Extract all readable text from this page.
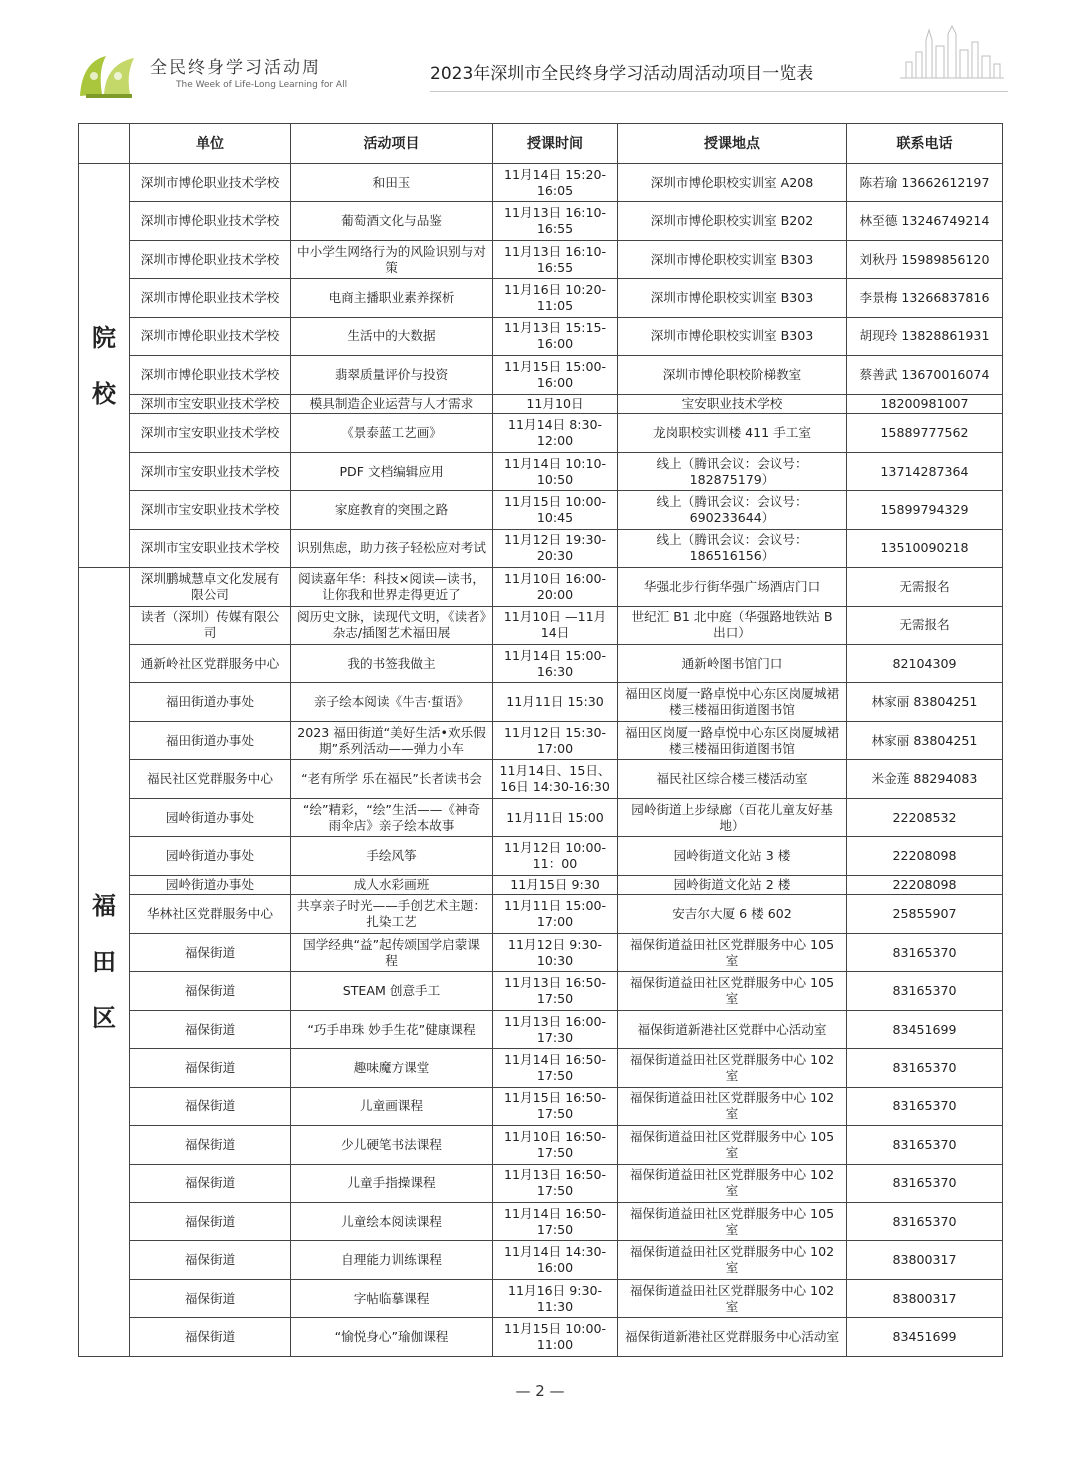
全民终身学习活动周
The Week of Life-Long Learning for All
2023年深圳市全民终身学习活动周活动项目一览表
	单位	活动项目	授课时间	授课地点	联系电话
院校	深圳市博伦职业技术学校	和田玉	11月14日 15:20-16:05	深圳市博伦职校实训室 A208	陈若瑜 13662612197
	深圳市博伦职业技术学校	葡萄酒文化与品鉴	11月13日 16:10-16:55	深圳市博伦职校实训室 B202	林至德 13246749214
	深圳市博伦职业技术学校	中小学生网络行为的风险识别与对策	11月13日 16:10-16:55	深圳市博伦职校实训室 B303	刘秋丹 15989856120
	深圳市博伦职业技术学校	电商主播职业素养探析	11月16日 10:20-11:05	深圳市博伦职校实训室 B303	李景梅 13266837816
	深圳市博伦职业技术学校	生活中的大数据	11月13日 15:15-16:00	深圳市博伦职校实训室 B303	胡现玲 13828861931
	深圳市博伦职业技术学校	翡翠质量评价与投资	11月15日 15:00-16:00	深圳市博伦职校阶梯教室	蔡善武 13670016074
	深圳市宝安职业技术学校	模具制造企业运营与人才需求	11月10日	宝安职业技术学校	18200981007
	深圳市宝安职业技术学校	《景泰蓝工艺画》	11月14日 8:30- 12:00	龙岗职校实训楼 411 手工室	15889777562
	深圳市宝安职业技术学校	PDF 文档编辑应用	11月14日 10:10-10:50	线上（腾讯会议：会议号：182875179）	13714287364
	深圳市宝安职业技术学校	家庭教育的突围之路	11月15日 10:00-10:45	线上（腾讯会议：会议号：690233644）	15899794329
	深圳市宝安职业技术学校	识别焦虑，助力孩子轻松应对考试	11月12日 19:30-20:30	线上（腾讯会议：会议号：186516156）	13510090218
福田区	深圳鹏城慧卓文化发展有限公司	阅读嘉年华：科技×阅读—读书，让你我和世界走得更近了	11月10日 16:00-20:00	华强北步行街华强广场酒店门口	无需报名
	读者（深圳）传媒有限公司	阅历史文脉，读现代文明，《读者》杂志/插图艺术福田展	11月10日 —11月14日	世纪汇 B1 北中庭（华强路地铁站 B 出口）	无需报名
	通新岭社区党群服务中心	我的书签我做主	11月14日 15:00-16:30	通新岭图书馆门口	82104309
	福田街道办事处	亲子绘本阅读《牛吉·蜇语》	11月11日 15:30	福田区岗厦一路卓悦中心东区岗厦城裙楼三楼福田街道图书馆	林家丽 83804251
	福田街道办事处	2023 福田街道“美好生活•欢乐假期”系列活动——弹力小车	11月12日 15:30-17:00	福田区岗厦一路卓悦中心东区岗厦城裙楼三楼福田街道图书馆	林家丽 83804251
	福民社区党群服务中心	“老有所学 乐在福民”长者读书会	11月14日、15日、16日 14:30-16:30	福民社区综合楼三楼活动室	米金莲 88294083
	园岭街道办事处	“绘”精彩，“绘”生活——《神奇雨伞店》亲子绘本故事	11月11日 15:00	园岭街道上步绿廊（百花儿童友好基地）	22208532
	园岭街道办事处	手绘风筝	11月12日 10:00-11：00	园岭街道文化站 3 楼	22208098
	园岭街道办事处	成人水彩画班	11月15日 9:30	园岭街道文化站 2 楼	22208098
	华林社区党群服务中心	共享亲子时光——手创艺术主题：扎染工艺	11月11日 15:00-17:00	安吉尔大厦 6 楼 602	25855907
	福保街道	国学经典“益”起传颂国学启蒙课程	11月12日 9:30-10:30	福保街道益田社区党群服务中心 105 室	83165370
	福保街道	STEAM 创意手工	11月13日 16:50-17:50	福保街道益田社区党群服务中心 105 室	83165370
	福保街道	“巧手串珠 妙手生花”健康课程	11月13日 16:00-17:30	福保街道新港社区党群中心活动室	83451699
	福保街道	趣味魔方课堂	11月14日 16:50-17:50	福保街道益田社区党群服务中心 102 室	83165370
	福保街道	儿童画课程	11月15日 16:50-17:50	福保街道益田社区党群服务中心 102 室	83165370
	福保街道	少儿硬笔书法课程	11月10日 16:50-17:50	福保街道益田社区党群服务中心 105 室	83165370
	福保街道	儿童手指操课程	11月13日 16:50-17:50	福保街道益田社区党群服务中心 102 室	83165370
	福保街道	儿童绘本阅读课程	11月14日 16:50-17:50	福保街道益田社区党群服务中心 105 室	83165370
	福保街道	自理能力训练课程	11月14日 14:30-16:00	福保街道益田社区党群服务中心 102 室	83800317
	福保街道	字帖临摹课程	11月16日 9:30-11:30	福保街道益田社区党群服务中心 102 室	83800317
	福保街道	“愉悦身心”瑜伽课程	11月15日 10:00-11:00	福保街道新港社区党群服务中心活动室	83451699
— 2 —
